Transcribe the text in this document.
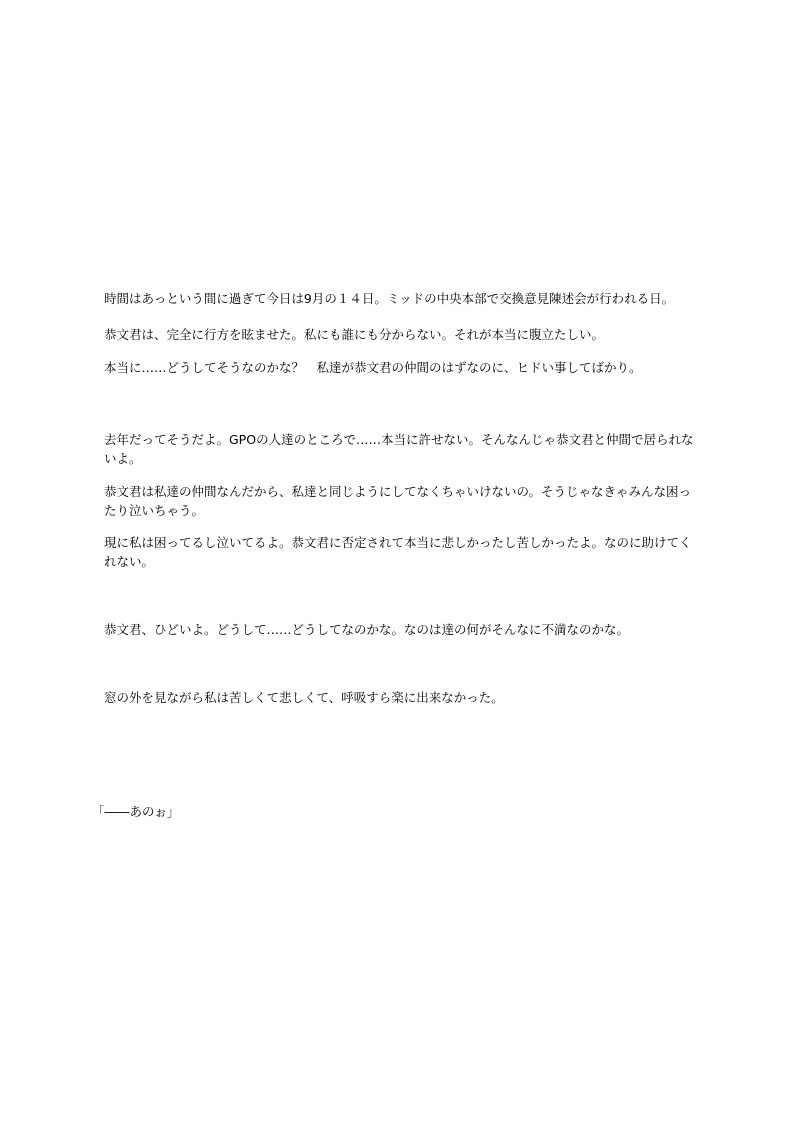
時間はあっという間に過ぎて今日は9月の１４日。ミッドの中央本部で交換意見陳述会が行われる日。

恭文君は、完全に行方を眩ませた。私にも誰にも分からない。それが本当に腹立たしい。

本当に……どうしてそうなのかな？　私達が恭文君の仲間のはずなのに、ヒドい事してばかり。

去年だってそうだよ。GPOの人達のところで……本当に許せない。そんなんじゃ恭文君と仲間で居られないよ。

恭文君は私達の仲間なんだから、私達と同じようにしてなくちゃいけないの。そうじゃなきゃみんな困ったり泣いちゃう。

現に私は困ってるし泣いてるよ。恭文君に否定されて本当に悲しかったし苦しかったよ。なのに助けてくれない。

恭文君、ひどいよ。どうして……どうしてなのかな。なのは達の何がそんなに不満なのかな。

窓の外を見ながら私は苦しくて悲しくて、呼吸すら楽に出来なかった。

「――あのぉ」
